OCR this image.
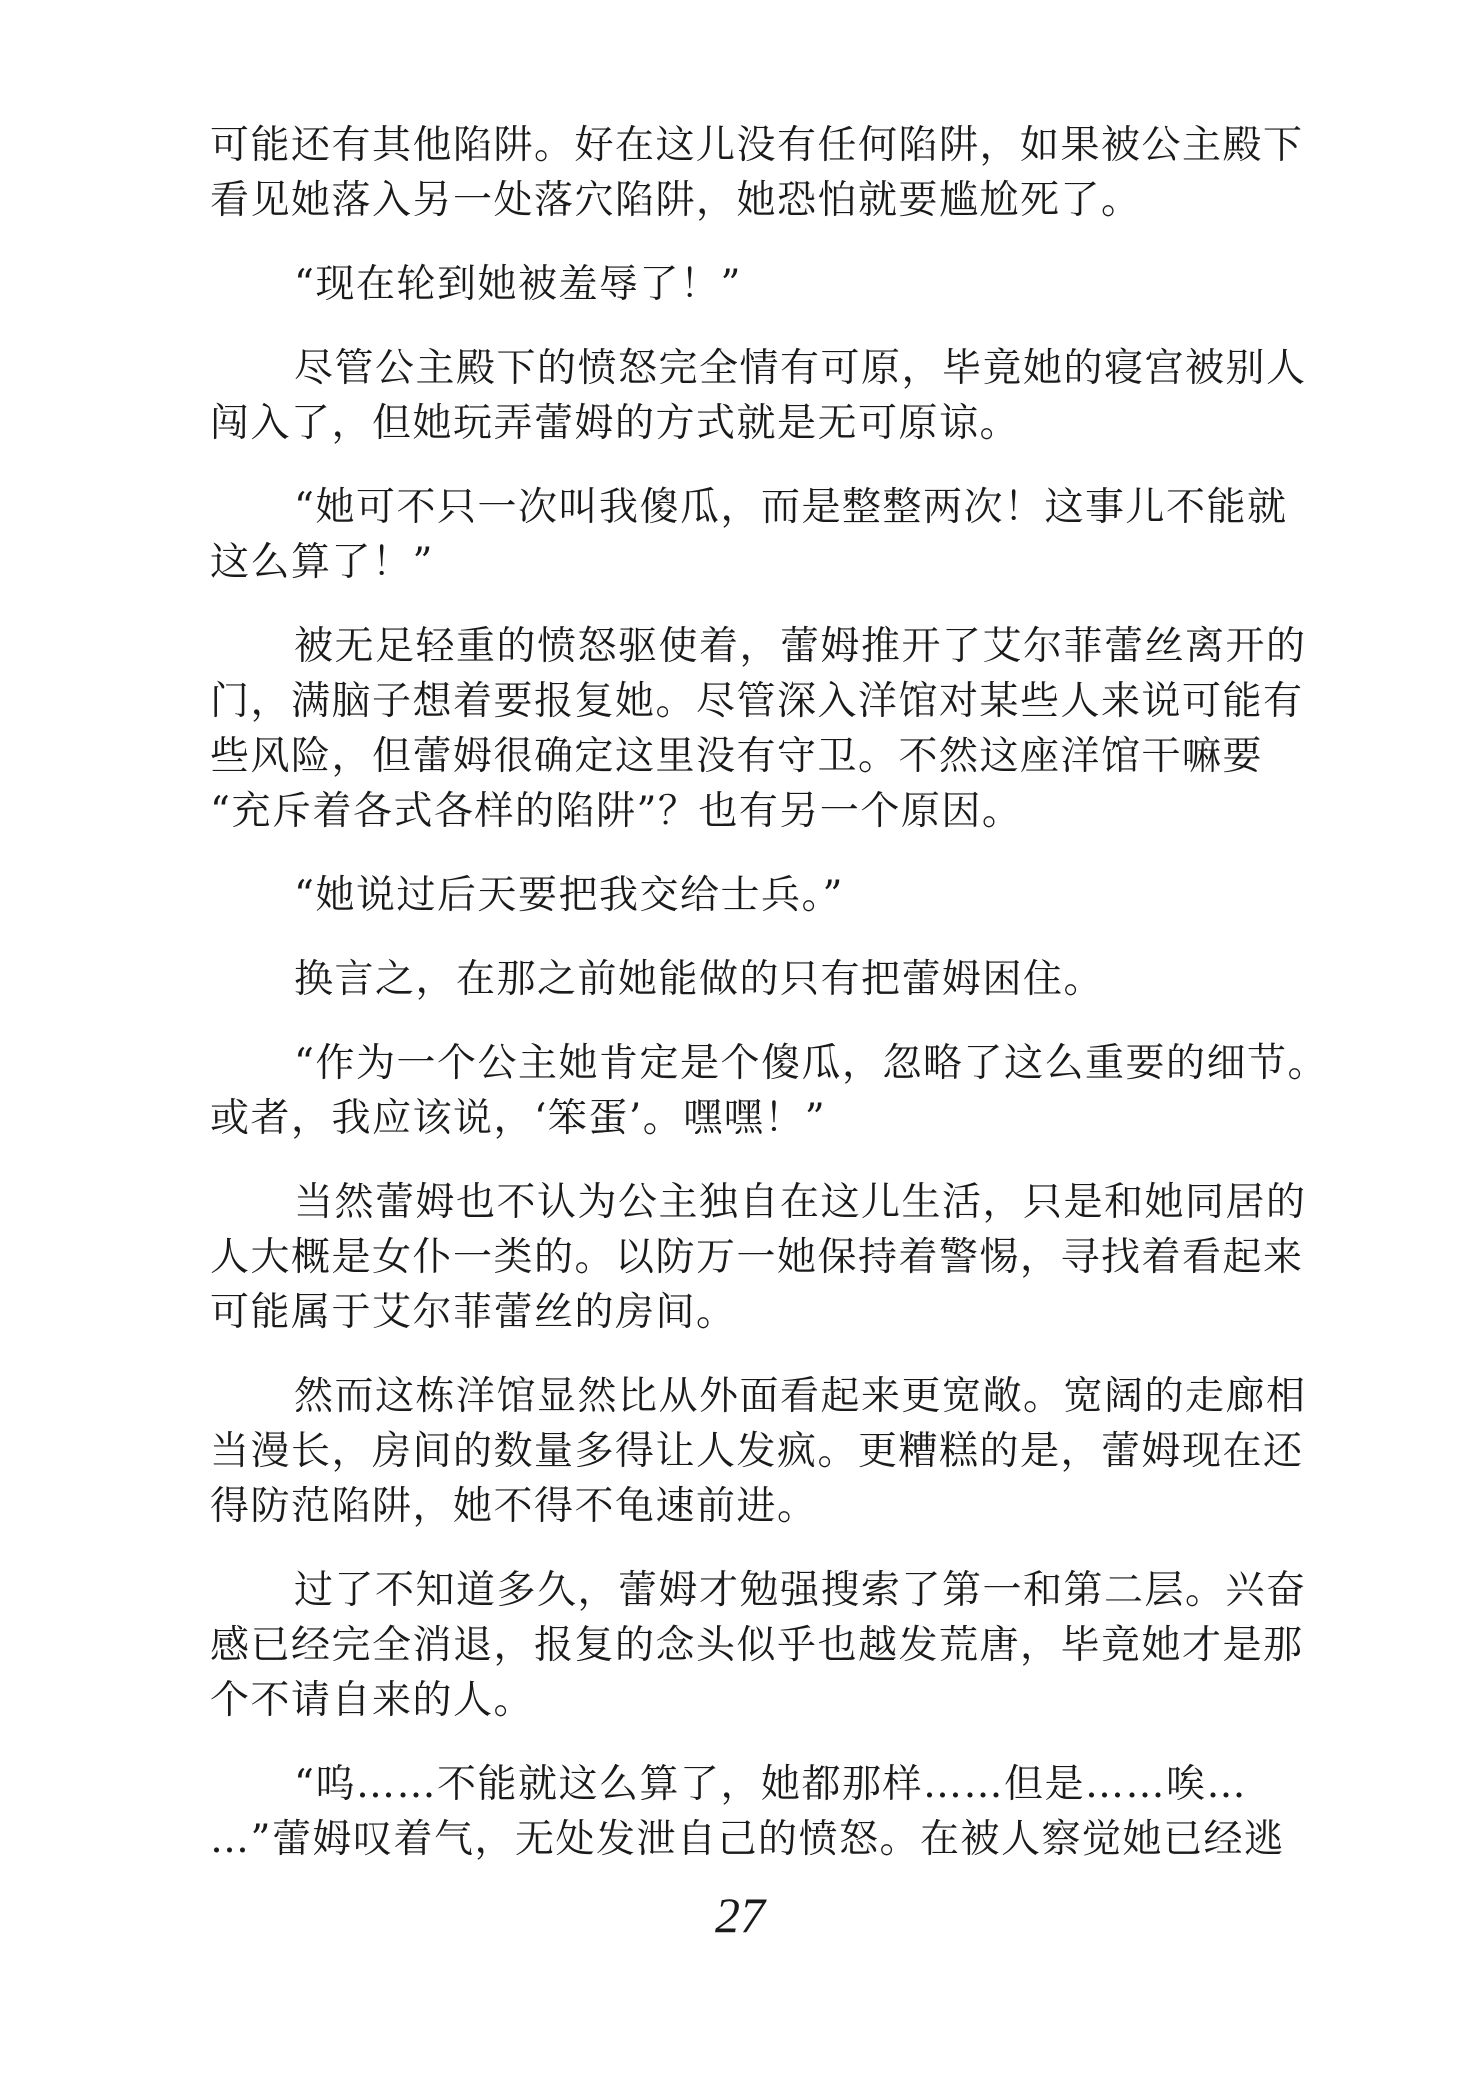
可能还有其他陷阱。好在这儿没有任何陷阱，如果被公主殿下
看见她落入另一处落穴陷阱，她恐怕就要尴尬死了。
“现在轮到她被羞辱了！”
尽管公主殿下的愤怒完全情有可原，毕竟她的寝宫被别人
闯入了，但她玩弄蕾姆的方式就是无可原谅。
“她可不只一次叫我傻瓜，而是整整两次！这事儿不能就
这么算了！”
被无足轻重的愤怒驱使着，蕾姆推开了艾尔菲蕾丝离开的
门，满脑子想着要报复她。尽管深入洋馆对某些人来说可能有
些风险，但蕾姆很确定这里没有守卫。不然这座洋馆干嘛要
“充斥着各式各样的陷阱”？也有另一个原因。
“她说过后天要把我交给士兵。”
换言之，在那之前她能做的只有把蕾姆困住。
“作为一个公主她肯定是个傻瓜，忽略了这么重要的细节。
或者，我应该说，‘笨蛋’。嘿嘿！”
当然蕾姆也不认为公主独自在这儿生活，只是和她同居的
人大概是女仆一类的。以防万一她保持着警惕，寻找着看起来
可能属于艾尔菲蕾丝的房间。
然而这栋洋馆显然比从外面看起来更宽敞。宽阔的走廊相
当漫长，房间的数量多得让人发疯。更糟糕的是，蕾姆现在还
得防范陷阱，她不得不龟速前进。
过了不知道多久，蕾姆才勉强搜索了第一和第二层。兴奋
感已经完全消退，报复的念头似乎也越发荒唐，毕竟她才是那
个不请自来的人。
“呜……不能就这么算了，她都那样……但是……唉…
…”蕾姆叹着气，无处发泄自己的愤怒。在被人察觉她已经逃
27
